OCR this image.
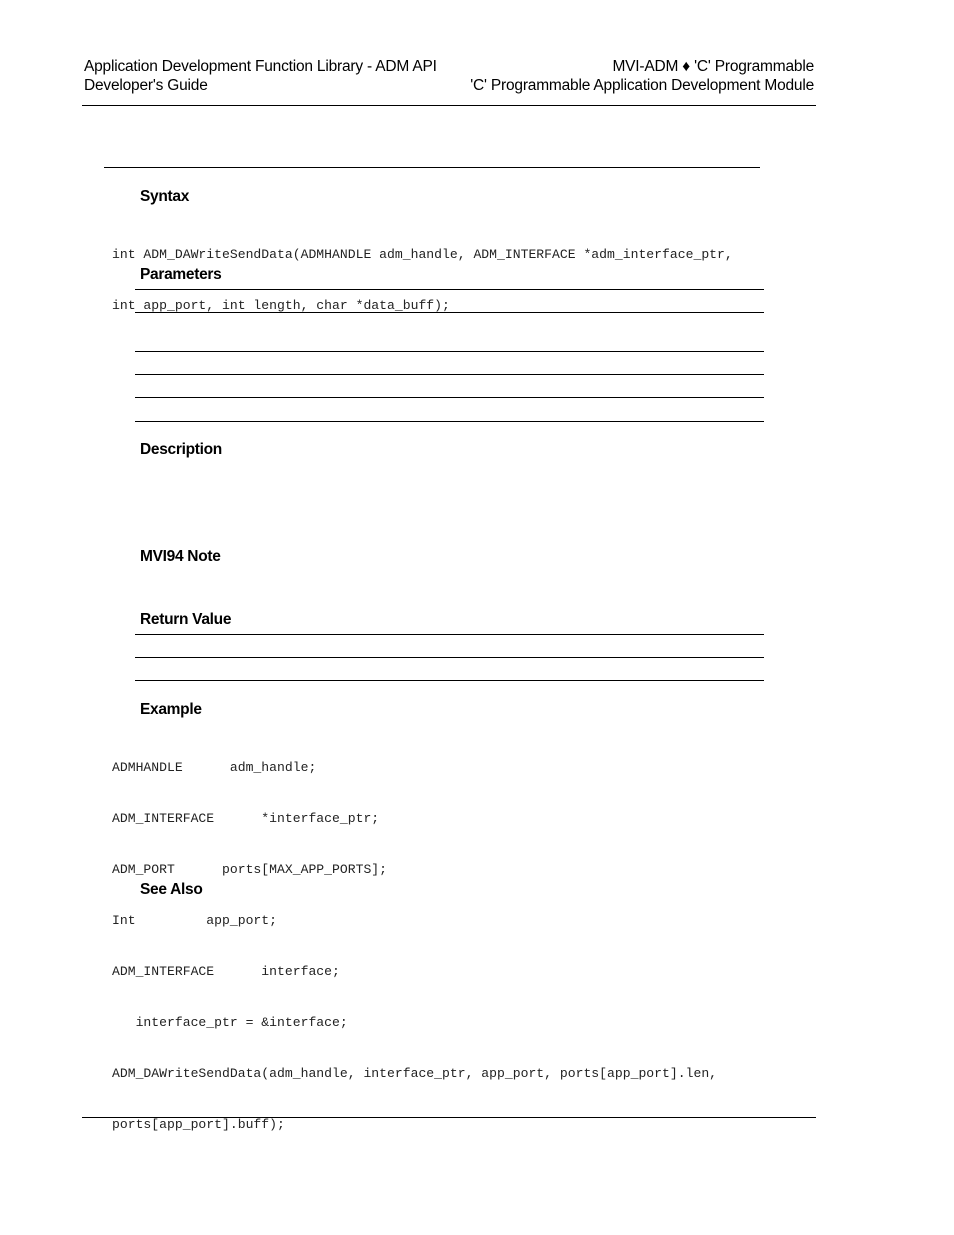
Application Development Function Library - ADM API
Developer's Guide
MVI-ADM ♦ 'C' Programmable
'C' Programmable Application Development Module
Syntax

int ADM_DAWriteSendData(ADMHANDLE adm_handle, ADM_INTERFACE *adm_interface_ptr,

int app_port, int length, char *data_buff);

Parameters
Description
MVI94 Note
Return Value
Example

ADMHANDLE      adm_handle;

ADM_INTERFACE      *interface_ptr;

ADM_PORT      ports[MAX_APP_PORTS];

Int         app_port;

ADM_INTERFACE      interface;

interface_ptr = &interface;

ADM_DAWriteSendData(adm_handle, interface_ptr, app_port, ports[app_port].len,

ports[app_port].buff);

See Also
